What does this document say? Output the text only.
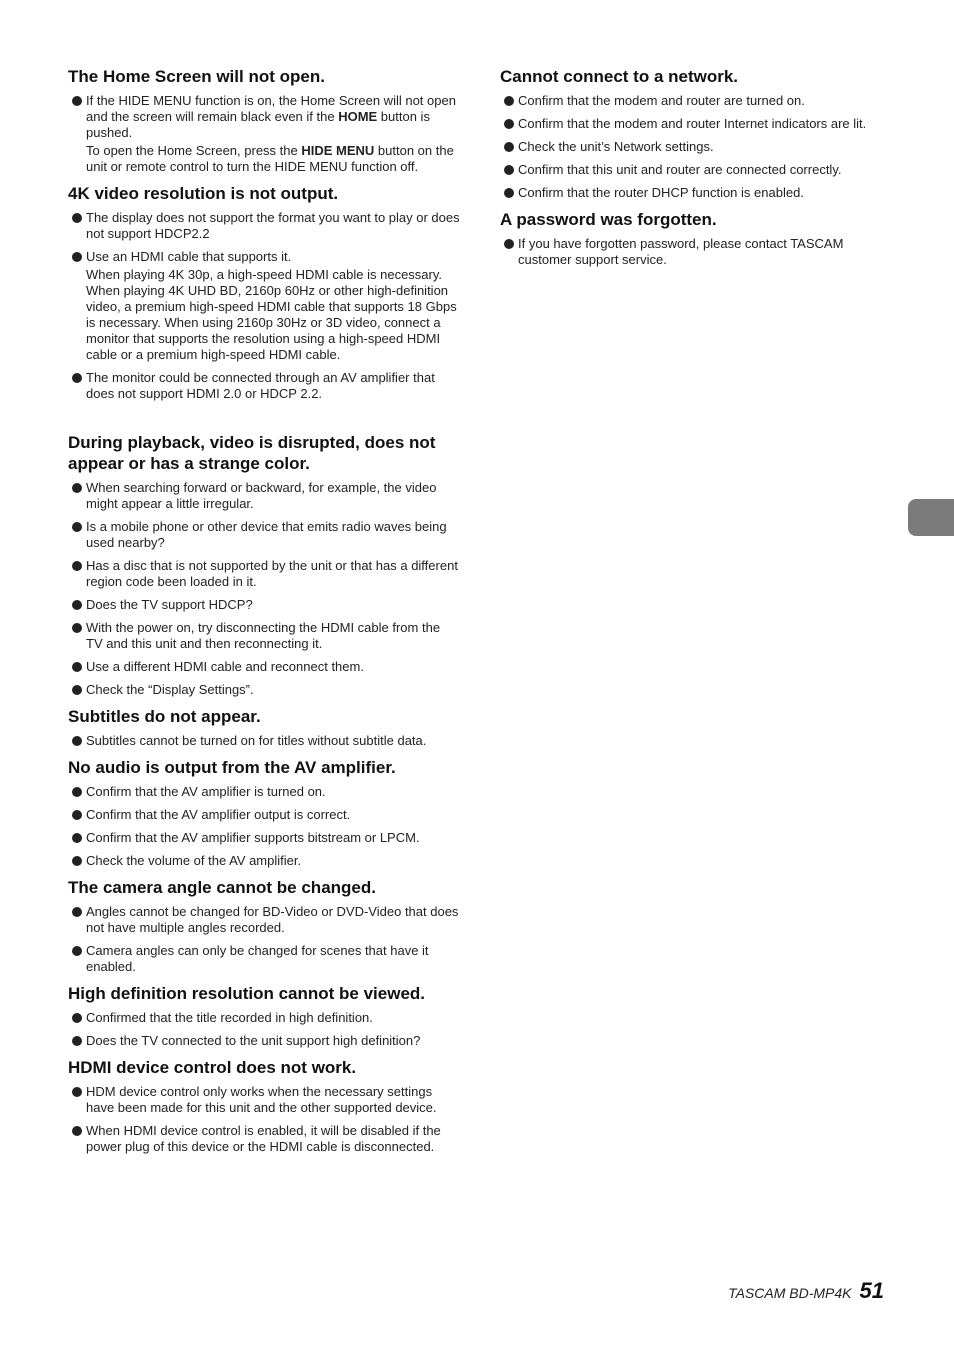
The Home Screen will not open.

If the HIDE MENU function is on, the Home Screen will not open and the screen will remain black even if the HOME button is pushed.

To open the Home Screen, press the HIDE MENU button on the unit or remote control to turn the HIDE MENU function off.

4K video resolution is not output.

The display does not support the format you want to play or does not support HDCP2.2

Use an HDMI cable that supports it.

When playing 4K 30p, a high-speed HDMI cable is necessary. When playing 4K UHD BD, 2160p 60Hz or other high-definition video, a premium high-speed HDMI cable that supports 18 Gbps is necessary. When using 2160p 30Hz or 3D video, connect a monitor that supports the resolution using a high-speed HDMI cable or a premium high-speed HDMI cable.

The monitor could be connected through an AV amplifier that does not support HDMI 2.0 or HDCP 2.2.

During playback, video is disrupted, does not appear or has a strange color.

When searching forward or backward, for example, the video might appear a little irregular.

Is a mobile phone or other device that emits radio waves being used nearby?

Has a disc that is not supported by the unit or that has a different region code been loaded in it.

Does the TV support HDCP?

With the power on, try disconnecting the HDMI cable from the TV and this unit and then reconnecting it.

Use a different HDMI cable and reconnect them.

Check the “Display Settings”.

Subtitles do not appear.

Subtitles cannot be turned on for titles without subtitle data.

No audio is output from the AV amplifier.

Confirm that the AV amplifier is turned on.

Confirm that the AV amplifier output is correct.

Confirm that the AV amplifier supports bitstream or LPCM.

Check the volume of the AV amplifier.

The camera angle cannot be changed.

Angles cannot be changed for BD-Video or DVD-Video that does not have multiple angles recorded.

Camera angles can only be changed for scenes that have it enabled.

High definition resolution cannot be viewed.

Confirmed that the title recorded in high definition.

Does the TV connected to the unit support high definition?

HDMI device control does not work.

HDM device control only works when the necessary settings have been made for this unit and the other supported device.

When HDMI device control is enabled, it will be disabled if the power plug of this device or the HDMI cable is disconnected.

Cannot connect to a network.

Confirm that the modem and router are turned on.

Confirm that the modem and router Internet indicators are lit.

Check the unit’s Network settings.

Confirm that this unit and router are connected correctly.

Confirm that the router DHCP function is enabled.

A password was forgotten.

If you have forgotten password, please contact TASCAM customer support service.

TASCAM BD-MP4K 51
